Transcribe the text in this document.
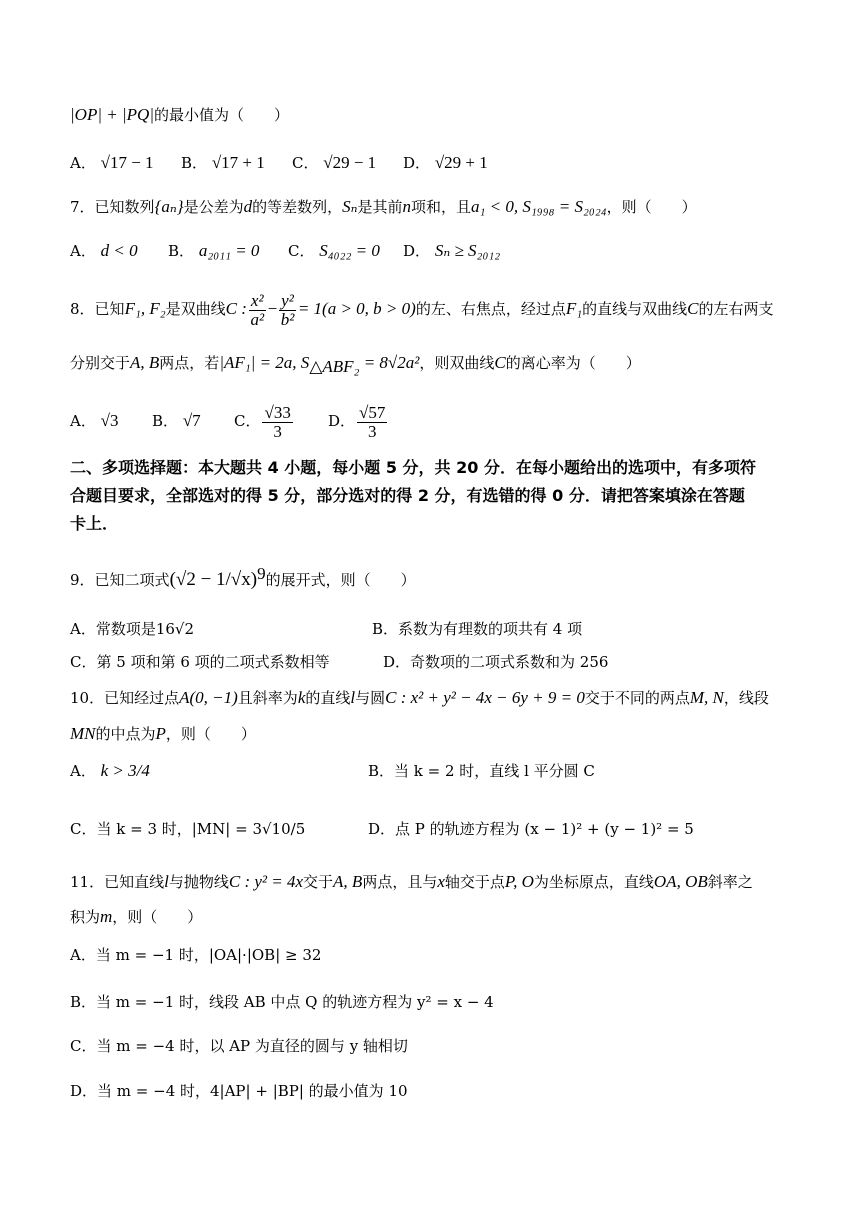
|OP| + |PQ|的最小值为（　　）
A． √17 − 1 B． √17 + 1 C． √29 − 1 D． √29 + 1
7．已知数列{aₙ}是公差为d的等差数列，Sₙ是其前n项和，且a₁ < 0, S₁₉₉₈ = S₂₀₂₄，则（　　）
A． d < 0 B． a₂₀₁₁ = 0 C． S₄₀₂₂ = 0 D． Sₙ ≥ S₂₀₁₂
8．已知F₁, F₂是双曲线C : $\frac{\text{x²}}{\text{a²}} - \frac{\text{y²}}{\text{b²}} = 1(a > 0$, b > 0)的左、右焦点，经过点F₁的直线与双曲线C的左右两支
分别交于A, B两点，若|AF₁| = 2a, $S_{\triangle ABF_2} = 8√2a^2$，则双曲线C的离心率为（　　）
A． √3 B． √7 C． $\frac{√33}{3}$ D． $\frac{√57}{3}$
二、多项选择题：本大题共 4 小题，每小题 5 分，共 20 分．在每小题给出的选项中，有多项符
合题目要求，全部选对的得 5 分，部分选对的得 2 分，有选错的得 0 分．请把答案填涂在答题
卡上．
9．已知二项式$(√2 - 1/√x)^9$的展开式，则（　　）
A．常数项是16√2	B．系数为有理数的项共有 4 项
C．第 5 项和第 6 项的二项式系数相等	D．奇数项的二项式系数和为 256
10．已知经过点A(0, −1)且斜率为k的直线l与圆C : x² + y² − 4x − 6y + 9 = 0交于不同的两点M, N，线段
MN的中点为P，则（　　）
A． k > 3/4	B．当 k = 2 时，直线 l 平分圆 C
C．当 k = 3 时，|MN| = 3√10/5	D．点 P 的轨迹方程为 (x − 1)² + (y − 1)² = 5
11．已知直线l与抛物线C : y² = 4x交于A, B两点，且与x轴交于点P, O为坐标原点，直线OA, OB斜率之
积为m，则（　　）
A．当 m = −1 时，|OA|·|OB| ≥ 32
B．当 m = −1 时，线段 AB 中点 Q 的轨迹方程为 y² = x − 4
C．当 m = −4 时，以 AP 为直径的圆与 y 轴相切
D．当 m = −4 时，4|AP| + |BP| 的最小值为 10
